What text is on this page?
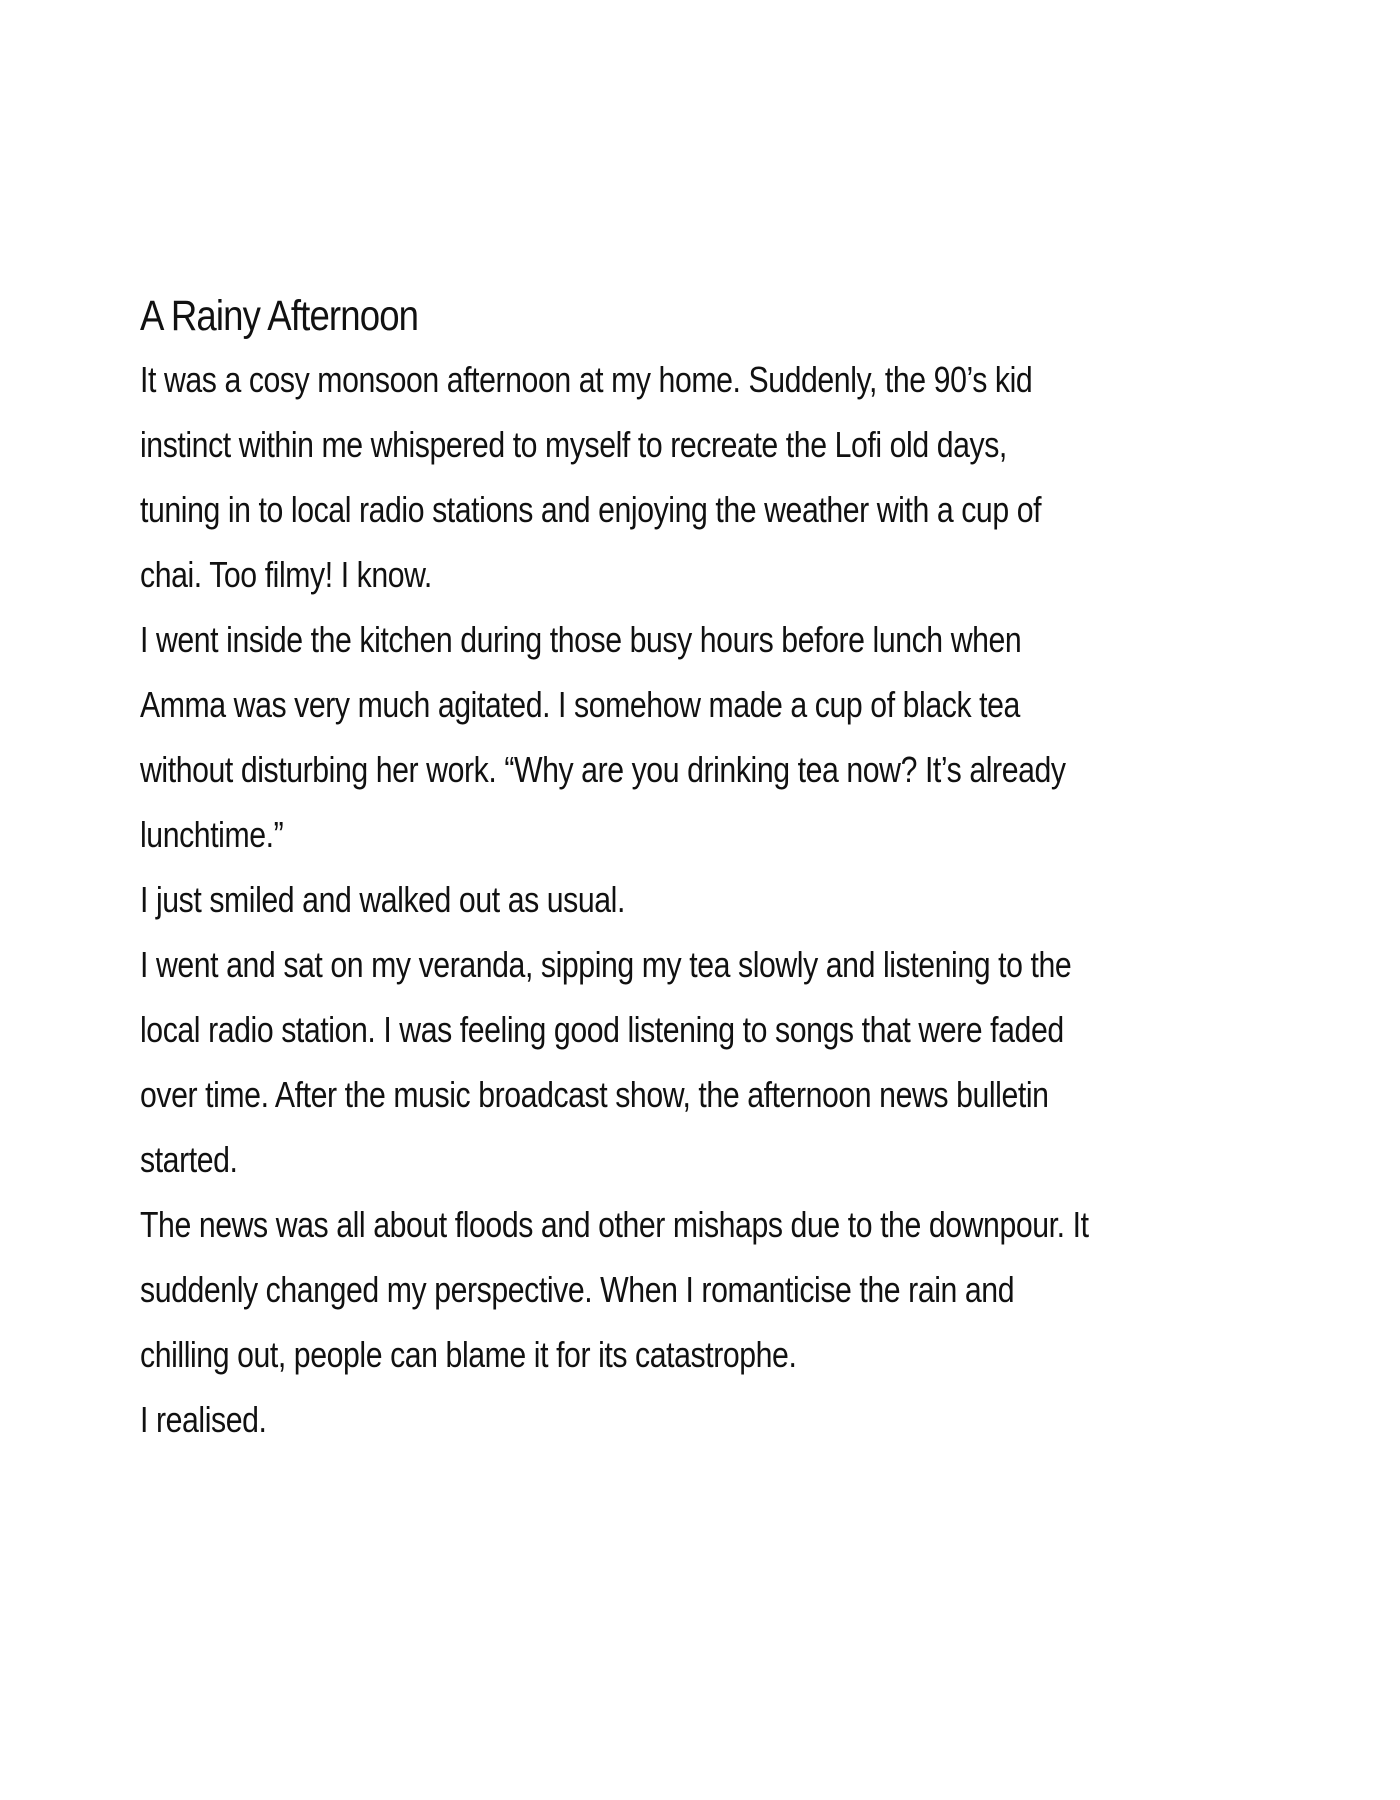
A Rainy Afternoon
It was a cosy monsoon afternoon at my home. Suddenly, the 90’s kid
instinct within me whispered to myself to recreate the Lofi old days,
tuning in to local radio stations and enjoying the weather with a cup of
chai. Too filmy! I know.
I went inside the kitchen during those busy hours before lunch when
Amma was very much agitated. I somehow made a cup of black tea
without disturbing her work. “Why are you drinking tea now? It’s already
lunchtime.”
I just smiled and walked out as usual.
I went and sat on my veranda, sipping my tea slowly and listening to the
local radio station. I was feeling good listening to songs that were faded
over time. After the music broadcast show, the afternoon news bulletin
started.
The news was all about floods and other mishaps due to the downpour. It
suddenly changed my perspective. When I romanticise the rain and
chilling out, people can blame it for its catastrophe.
I realised.
